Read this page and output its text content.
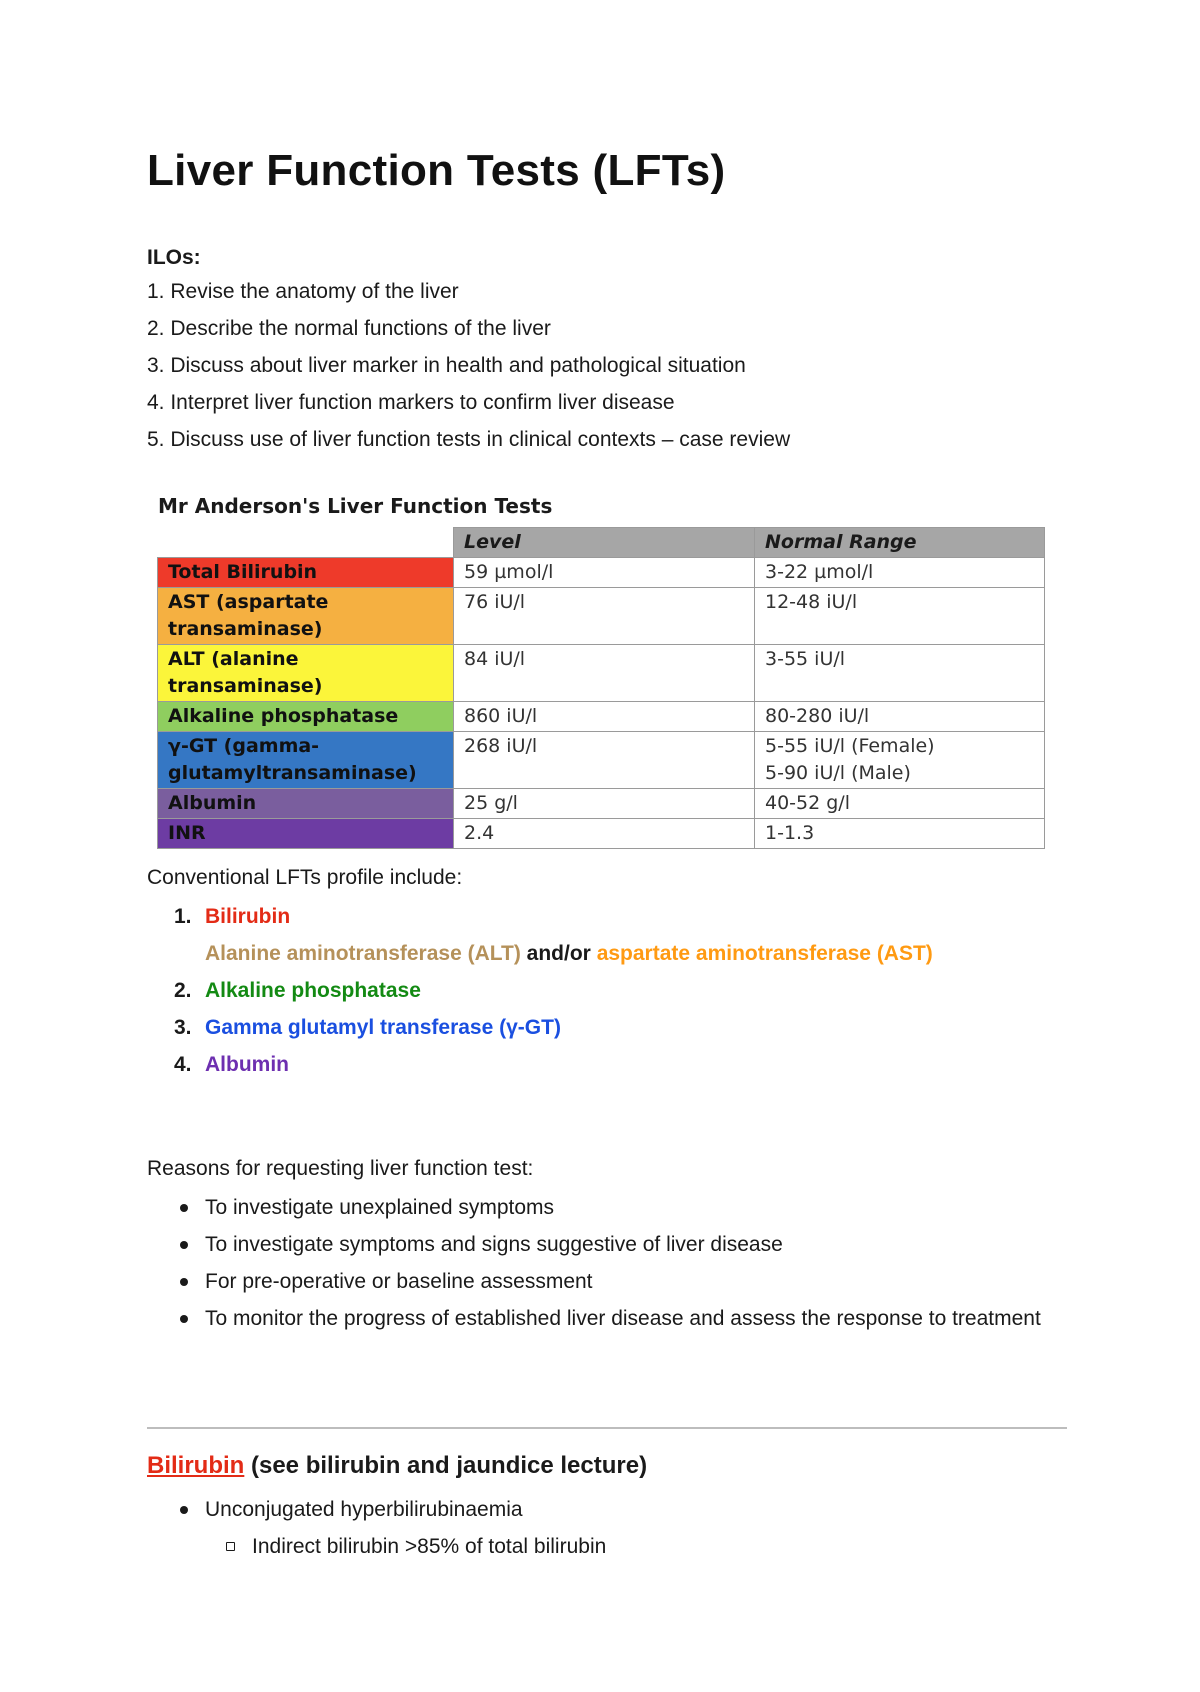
Liver Function Tests (LFTs)
ILOs:
1. Revise the anatomy of the liver
2. Describe the normal functions of the liver
3. Discuss about liver marker in health and pathological situation
4. Interpret liver function markers to confirm liver disease
5. Discuss use of liver function tests in clinical contexts – case review
Mr Anderson's Liver Function Tests
	Level	Normal Range
Total Bilirubin	59 µmol/l	3-22 µmol/l

AST (aspartate transaminase)	76 iU/l	12-48 iU/l

ALT (alanine transaminase)	84 iU/l	3-55 iU/l

Alkaline phosphatase	860 iU/l	80-280 iU/l

γ-GT (gamma-glutamyltransaminase)	268 iU/l	5-55 iU/l (Female)
5-90 iU/l (Male)

Albumin	25 g/l	40-52 g/l

INR	2.4	1-1.3
Conventional LFTs profile include:
1. Bilirubin
Alanine aminotransferase (ALT) and/or aspartate aminotransferase (AST)
2. Alkaline phosphatase
3. Gamma glutamyl transferase (γ-GT)
4. Albumin
Reasons for requesting liver function test:
To investigate unexplained symptoms
To investigate symptoms and signs suggestive of liver disease
For pre-operative or baseline assessment
To monitor the progress of established liver disease and assess the response to treatment
Bilirubin (see bilirubin and jaundice lecture)
Unconjugated hyperbilirubinaemia
Indirect bilirubin >85% of total bilirubin
